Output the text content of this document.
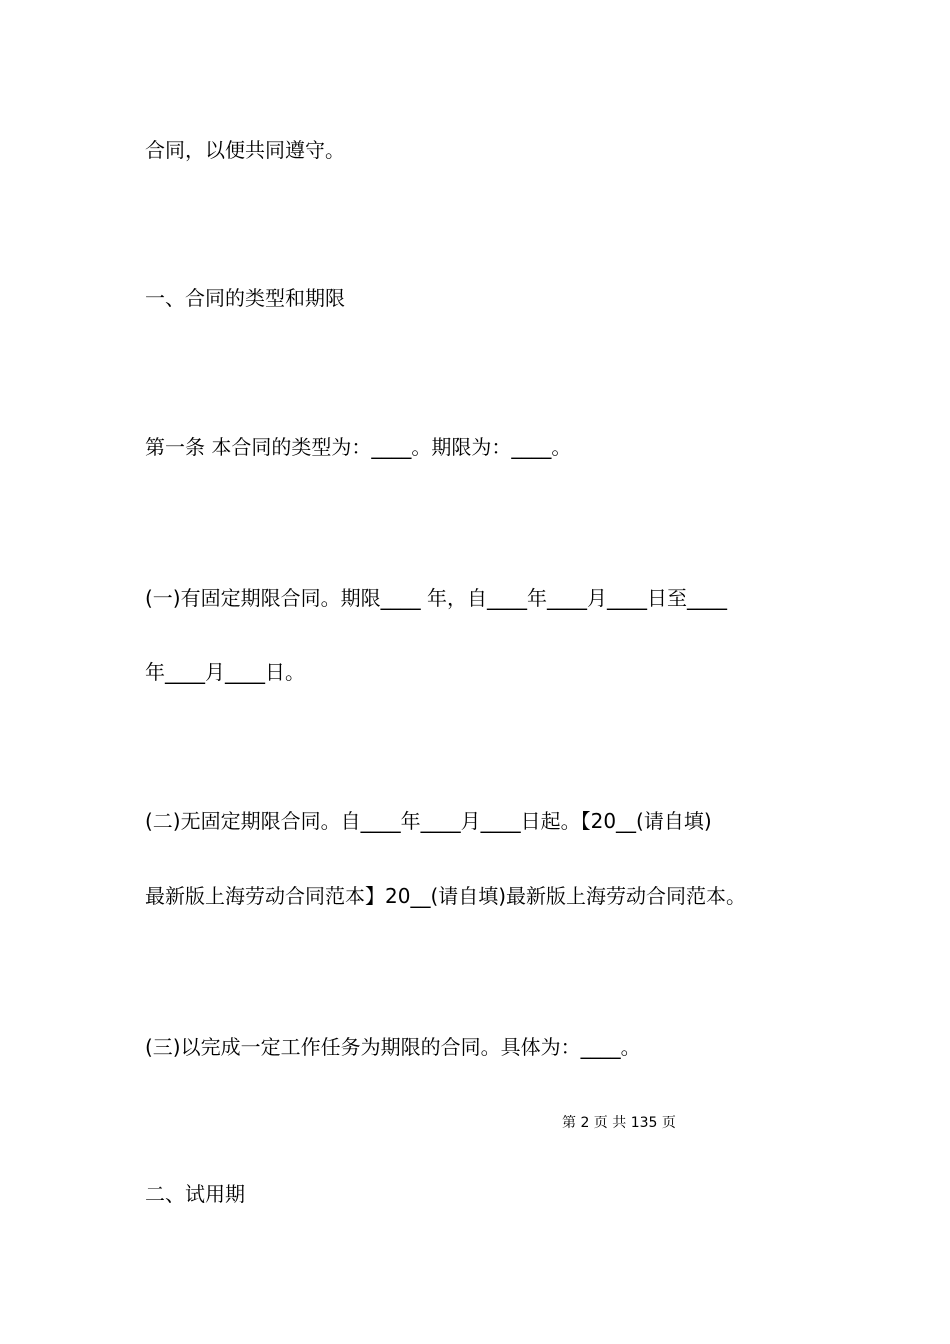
合同，以便共同遵守。

一、合同的类型和期限

第一条 本合同的类型为：____。期限为：____。

(一)有固定期限合同。期限____ 年，自____年____月____日至____

年____月____日。

(二)无固定期限合同。自____年____月____日起。【20__(请自填)

最新版上海劳动合同范本】20__(请自填)最新版上海劳动合同范本。

(三)以完成一定工作任务为期限的合同。具体为：____。

第 2 页 共 135 页

二、试用期
